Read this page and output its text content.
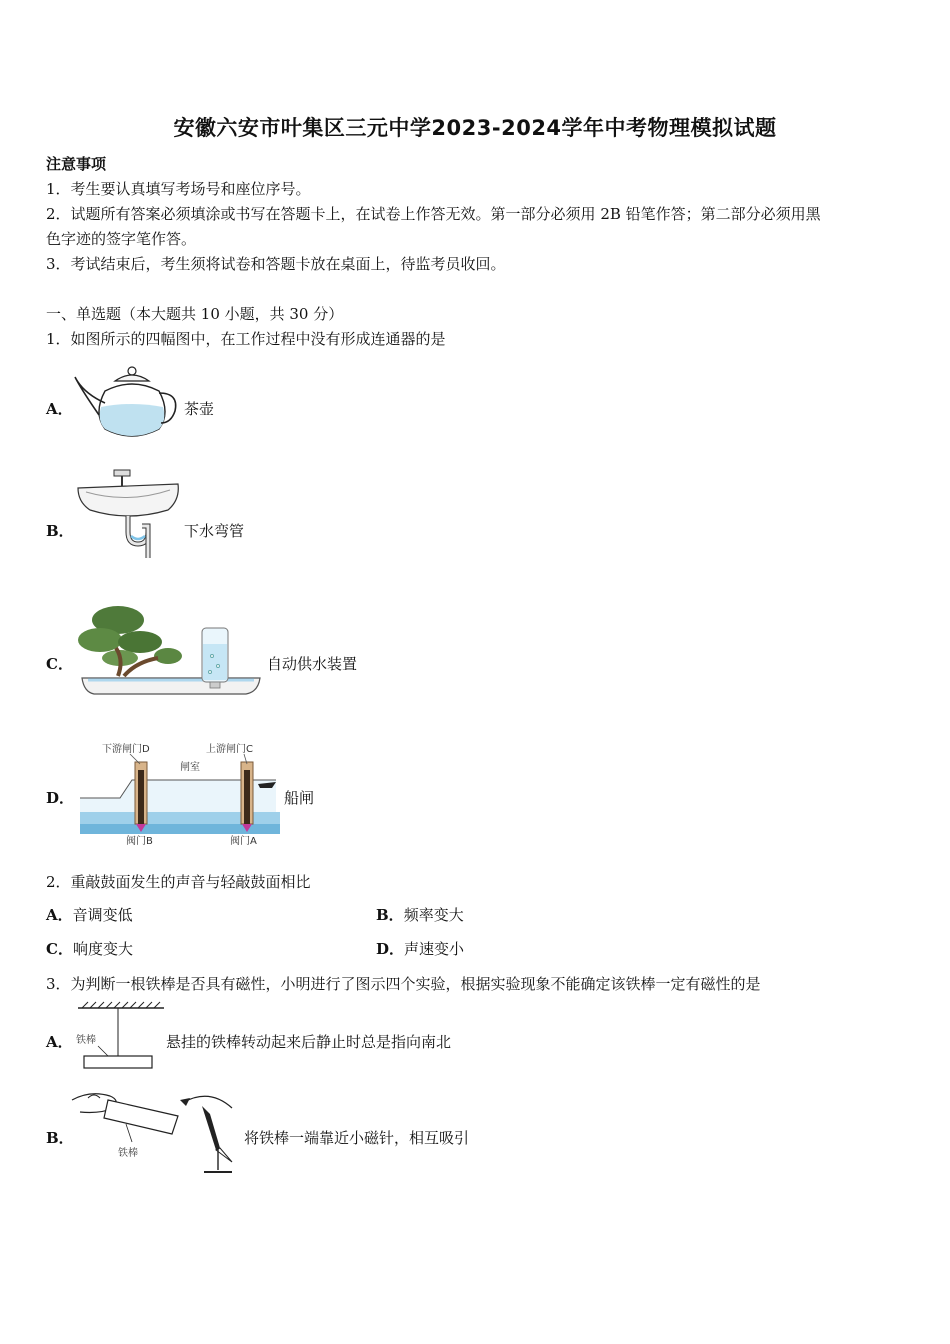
安徽六安市叶集区三元中学2023-2024学年中考物理模拟试题
注意事项
1．考生要认真填写考场号和座位序号。
2．试题所有答案必须填涂或书写在答题卡上，在试卷上作答无效。第一部分必须用 2B 铅笔作答；第二部分必须用黑
色字迹的签字笔作答。
3．考试结束后，考生须将试卷和答题卡放在桌面上，待监考员收回。
一、单选题（本大题共 10 小题，共 30 分）
1．如图所示的四幅图中，在工作过程中没有形成连通器的是
A．	茶壶
B．	下水弯管
C．	自动供水装置
D．
下游闸门D	上游闸门C
闸室
阀门B	阀门A
船闸
2．重敲鼓面发生的声音与轻敲鼓面相比
A．音调变低	B．频率变大
C．响度变大	D．声速变小
3．为判断一根铁棒是否具有磁性，小明进行了图示四个实验，根据实验现象不能确定该铁棒一定有磁性的是
A． 铁棒	悬挂的铁棒转动起来后静止时总是指向南北
B．
铁棒
将铁棒一端靠近小磁针，相互吸引
